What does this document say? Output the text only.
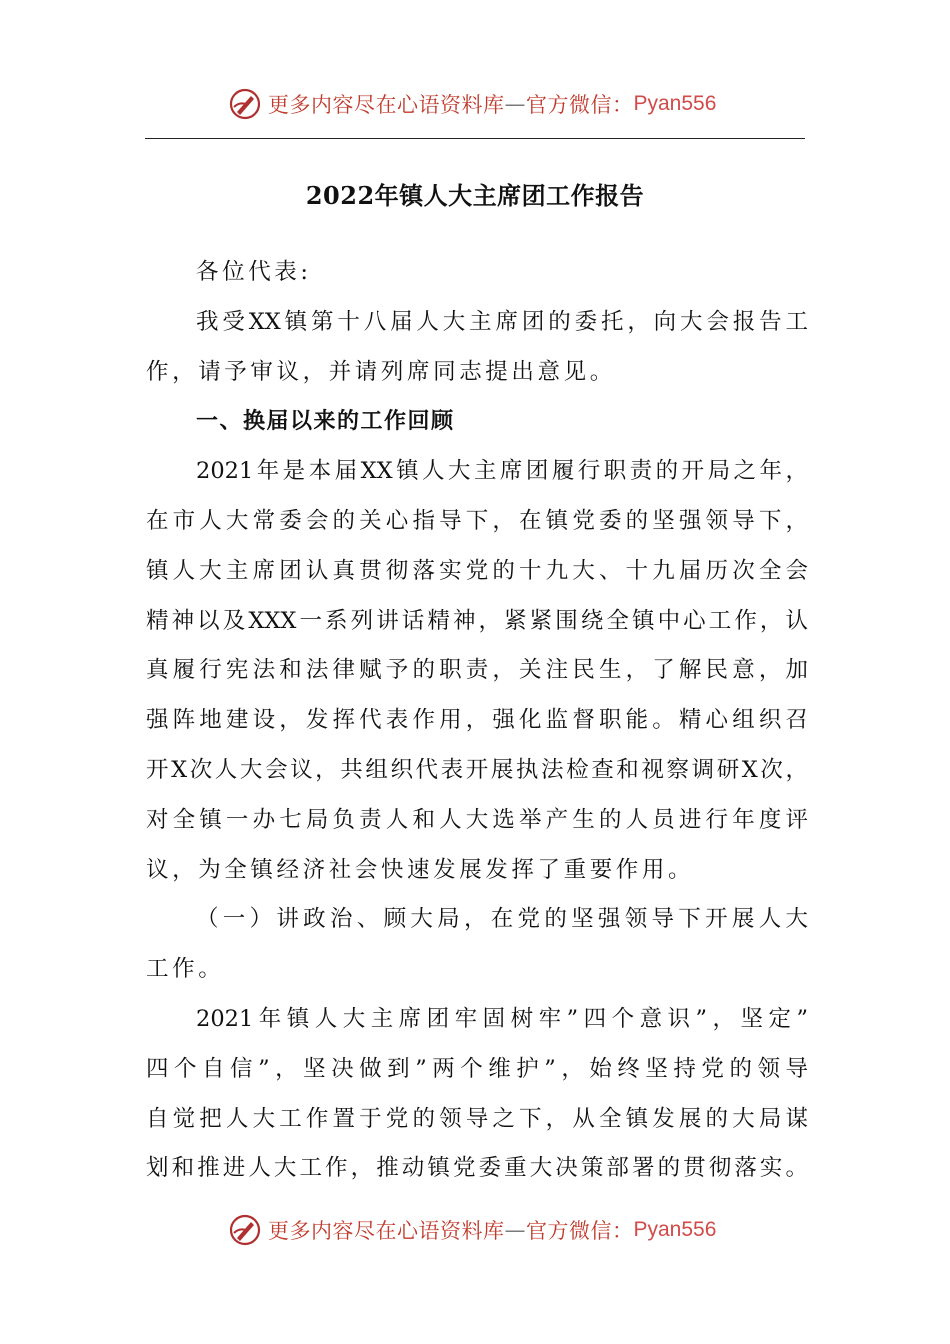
更多内容尽在心语资料库 — 官方微信： Pyan556
2022年镇人大主席团工作报告
各位代表:
我受XX镇第十八届人大主席团的委托，向大会报告工
作，请予审议，并请列席同志提出意见。
一、换届以来的工作回顾
2021年是本届XX镇人大主席团履行职责的开局之年，
在市人大常委会的关心指导下，在镇党委的坚强领导下，
镇人大主席团认真贯彻落实党的十九大、十九届历次全会
精神以及XXX一系列讲话精神，紧紧围绕全镇中心工作，认
真履行宪法和法律赋予的职责，关注民生，了解民意，加
强阵地建设，发挥代表作用，强化监督职能。精心组织召
开X次人大会议，共组织代表开展执法检查和视察调研X次，
对全镇一办七局负责人和人大选举产生的人员进行年度评
议，为全镇经济社会快速发展发挥了重要作用。
（一）讲政治、顾大局，在党的坚强领导下开展人大
工作。
2021年镇人大主席团牢固树牢”四个意识”，坚定”
四个自信”，坚决做到”两个维护”，始终坚持党的领导
自觉把人大工作置于党的领导之下，从全镇发展的大局谋
划和推进人大工作，推动镇党委重大决策部署的贯彻落实。
更多内容尽在心语资料库 — 官方微信： Pyan556
